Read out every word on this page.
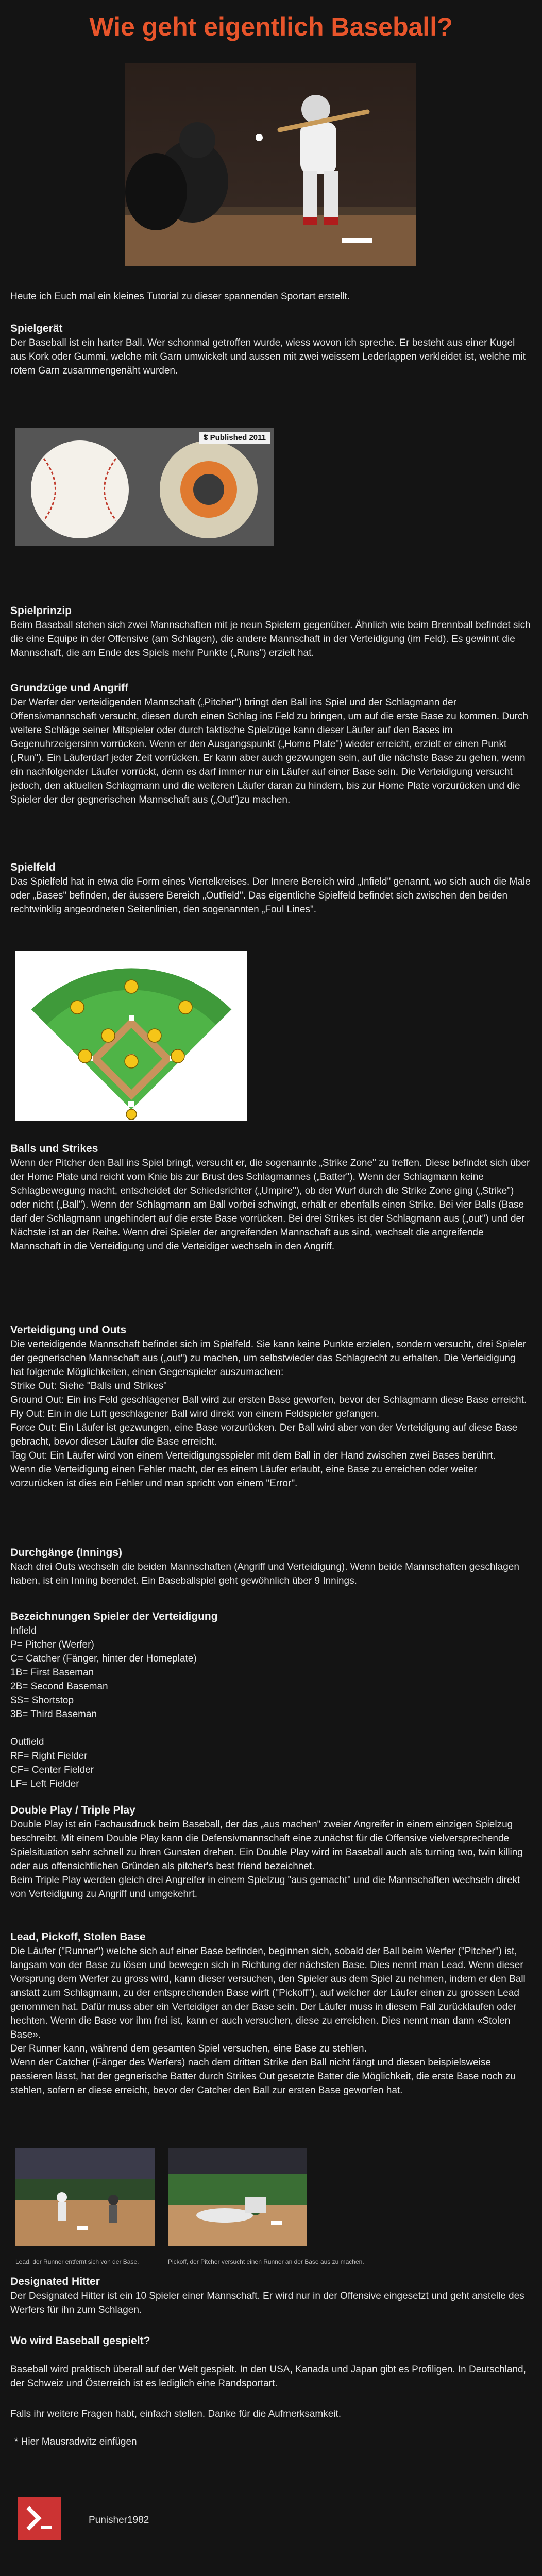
Wie geht eigentlich Baseball?

Heute ich Euch mal ein kleines Tutorial zu dieser spannenden Sportart erstellt.

Spielgerät

Der Baseball ist ein harter Ball. Wer schonmal getroffen wurde, wiess wovon ich spreche. Er besteht aus einer Kugel aus Kork oder Gummi, welche mit Garn umwickelt und aussen mit zwei weissem Lederlappen verkleidet ist, welche mit rotem Garn zusammengenäht wurden.

𝕿 Published 2011
Spielprinzip

Beim Baseball stehen sich zwei Mannschaften mit je neun Spielern gegenüber. Ähnlich wie beim Brennball befindet sich die eine Equipe in der Offensive (am Schlagen), die andere Mannschaft in der Verteidigung (im Feld). Es gewinnt die Mannschaft, die am Ende des Spiels mehr Punkte („Runs") erzielt hat.

Grundzüge und Angriff

Der Werfer der verteidigenden Mannschaft („Pitcher") bringt den Ball ins Spiel und der Schlagmann der Offensivmannschaft versucht, diesen durch einen Schlag ins Feld zu bringen, um auf die erste Base zu kommen. Durch weitere Schläge seiner Mitspieler oder durch taktische Spielzüge kann dieser Läufer auf den Bases im Gegenuhrzeigersinn vorrücken. Wenn er den Ausgangspunkt („Home Plate") wieder erreicht, erzielt er einen Punkt („Run"). Ein Läuferdarf jeder Zeit vorrücken. Er kann aber auch gezwungen sein, auf die nächste Base zu gehen, wenn ein nachfolgender Läufer vorrückt, denn es darf immer nur ein Läufer auf einer Base sein. Die Verteidigung versucht jedoch, den aktuellen Schlagmann und die weiteren Läufer daran zu hindern, bis zur Home Plate vorzurücken und die Spieler der der gegnerischen Mannschaft aus („Out")zu machen.

Spielfeld

Das Spielfeld hat in etwa die Form eines Viertelkreises. Der Innere Bereich wird „Infield" genannt, wo sich auch die Male oder „Bases" befinden, der äussere Bereich „Outfield". Das eigentliche Spielfeld befindet sich zwischen den beiden rechtwinklig angeordneten Seitenlinien, den sogenannten „Foul Lines".

Balls und Strikes

Wenn der Pitcher den Ball ins Spiel bringt, versucht er, die sogenannte „Strike Zone" zu treffen. Diese befindet sich über der Home Plate und reicht vom Knie bis zur Brust des Schlagmannes („Batter"). Wenn der Schlagmann keine Schlagbewegung macht, entscheidet der Schiedsrichter („Umpire"), ob der Wurf durch die Strike Zone ging („Strike") oder nicht („Ball"). Wenn der Schlagmann am Ball vorbei schwingt, erhält er ebenfalls einen Strike. Bei vier Balls (Base darf der Schlagmann ungehindert auf die erste Base vorrücken. Bei drei Strikes ist der Schlagmann aus („out") und der Nächste ist an der Reihe. Wenn drei Spieler der angreifenden Mannschaft aus sind, wechselt die angreifende Mannschaft in die Verteidigung und die Verteidiger wechseln in den Angriff.

Verteidigung und Outs

Die verteidigende Mannschaft befindet sich im Spielfeld. Sie kann keine Punkte erzielen, sondern versucht, drei Spieler der gegnerischen Mannschaft aus („out") zu machen, um selbstwieder das Schlagrecht zu erhalten. Die Verteidigung hat folgende Möglichkeiten, einen Gegenspieler auszumachen:

Strike Out: Siehe "Balls und Strikes"

Ground Out: Ein ins Feld geschlagener Ball wird zur ersten Base geworfen, bevor der Schlagmann diese Base erreicht.

Fly Out: Ein in die Luft geschlagener Ball wird direkt von einem Feldspieler gefangen.

Force Out: Ein Läufer ist gezwungen, eine Base vorzurücken. Der Ball wird aber von der Verteidigung auf diese Base gebracht, bevor dieser Läufer die Base erreicht.

Tag Out: Ein Läufer wird von einem Verteidigungsspieler mit dem Ball in der Hand zwischen zwei Bases berührt.

Wenn die Verteidigung einen Fehler macht, der es einem Läufer erlaubt, eine Base zu erreichen oder weiter vorzurücken ist dies ein Fehler und man spricht von einem "Error".

Durchgänge (Innings)

Nach drei Outs wechseln die beiden Mannschaften (Angriff und Verteidigung). Wenn beide Mannschaften geschlagen haben, ist ein Inning beendet. Ein Baseballspiel geht gewöhnlich über 9 Innings.

Bezeichnungen Spieler der Verteidigung

Infield

P= Pitcher (Werfer)

C= Catcher (Fänger, hinter der Homeplate)

1B= First Baseman

2B= Second Baseman

SS= Shortstop

3B= Third Baseman

Outfield

RF= Right Fielder

CF= Center Fielder

LF= Left Fielder

Double Play / Triple Play

Double Play ist ein Fachausdruck beim Baseball, der das „aus machen" zweier Angreifer in einem einzigen Spielzug beschreibt. Mit einem Double Play kann die Defensivmannschaft eine zunächst für die Offensive vielversprechende Spielsituation sehr schnell zu ihren Gunsten drehen. Ein Double Play wird im Baseball auch als turning two, twin killing oder aus offensichtlichen Gründen als pitcher's best friend bezeichnet.

Beim Triple Play werden gleich drei Angreifer in einem Spielzug "aus gemacht" und die Mannschaften wechseln direkt von Verteidigung zu Angriff und umgekehrt.

Lead, Pickoff, Stolen Base

Die Läufer ("Runner") welche sich auf einer Base befinden, beginnen sich, sobald der Ball beim Werfer ("Pitcher") ist, langsam von der Base zu lösen und bewegen sich in Richtung der nächsten Base. Dies nennt man Lead. Wenn dieser Vorsprung dem Werfer zu gross wird, kann dieser versuchen, den Spieler aus dem Spiel zu nehmen, indem er den Ball anstatt zum Schlagmann, zu der entsprechenden Base wirft ("Pickoff"), auf welcher der Läufer einen zu grossen Lead genommen hat. Dafür muss aber ein Verteidiger an der Base sein. Der Läufer muss in diesem Fall zurücklaufen oder hechten. Wenn die Base vor ihm frei ist, kann er auch versuchen, diese zu erreichen. Dies nennt man dann «Stolen Base».

Der Runner kann, während dem gesamten Spiel versuchen, eine Base zu stehlen.

Wenn der Catcher (Fänger des Werfers) nach dem dritten Strike den Ball nicht fängt und diesen beispielsweise passieren lässt, hat der gegnerische Batter durch Strikes Out gesetzte Batter die Möglichkeit, die erste Base noch zu stehlen, sofern er diese erreicht, bevor der Catcher den Ball zur ersten Base geworfen hat.

Lead, der Runner entfernt sich von der Base.	Pickoff, der Pitcher versucht einen Runner an der Base aus zu machen.
Designated Hitter

Der Designated Hitter ist ein 10 Spieler einer Mannschaft. Er wird nur in der Offensive eingesetzt und geht anstelle des Werfers für ihn zum Schlagen.

Wo wird Baseball gespielt?

Baseball wird praktisch überall auf der Welt gespielt. In den USA, Kanada und Japan gibt es Profiligen. In Deutschland, der Schweiz und Österreich ist es lediglich eine Randsportart.

Falls ihr weitere Fragen habt, einfach stellen. Danke für die Aufmerksamkeit.

* Hier Mausradwitz einfügen

Punisher1982
